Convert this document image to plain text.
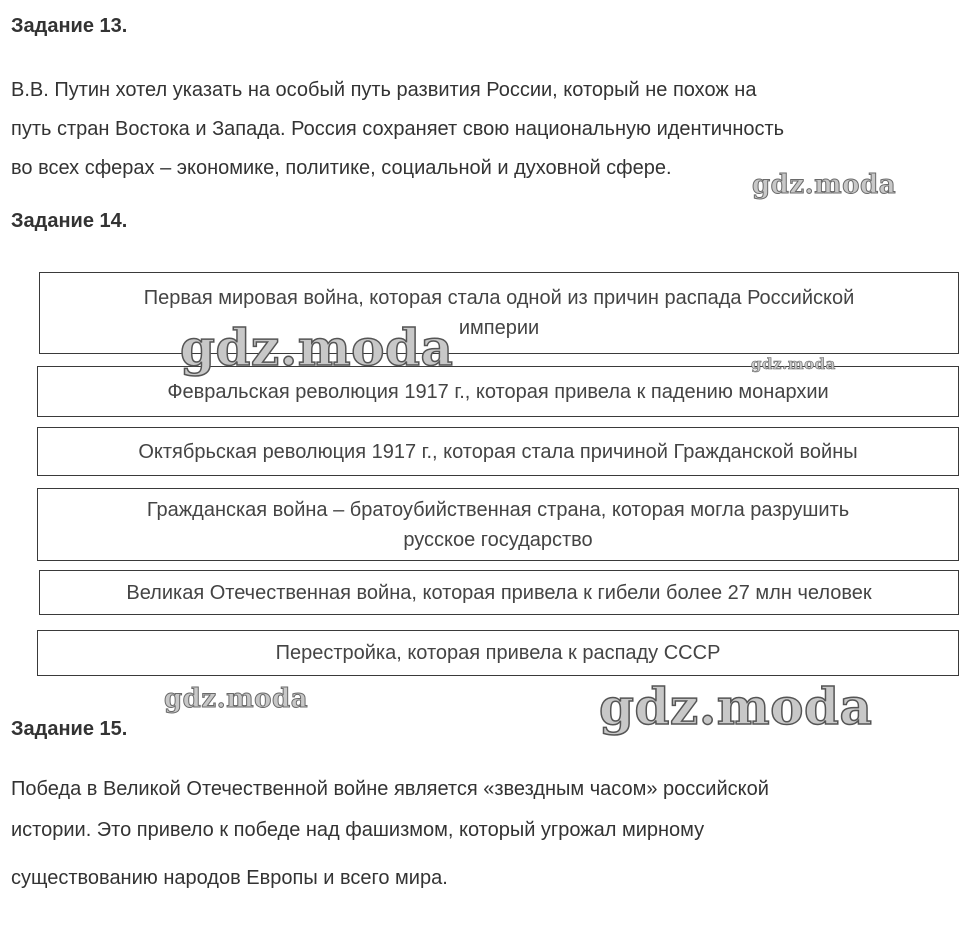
Задание 13.
В.В. Путин хотел указать на особый путь развития России, который не похож на
путь стран Востока и Запада. Россия сохраняет свою национальную идентичность
во всех сферах – экономике, политике, социальной и духовной сфере.
Задание 14.
Первая мировая война, которая стала одной из причин распада Российской
империи
Февральская революция 1917 г., которая привела к падению монархии
Октябрьская революция 1917 г., которая стала причиной Гражданской войны
Гражданская война – братоубийственная страна, которая могла разрушить
русское государство
Великая Отечественная война, которая привела к гибели более 27 млн человек
Перестройка, которая привела к распаду СССР
Задание 15.
Победа в Великой Отечественной войне является «звездным часом» российской
истории. Это привело к победе над фашизмом, который угрожал мирному
существованию народов Европы и всего мира.
gdz.moda
gdz.moda	gdz.moda
gdz.moda	gdz.moda
